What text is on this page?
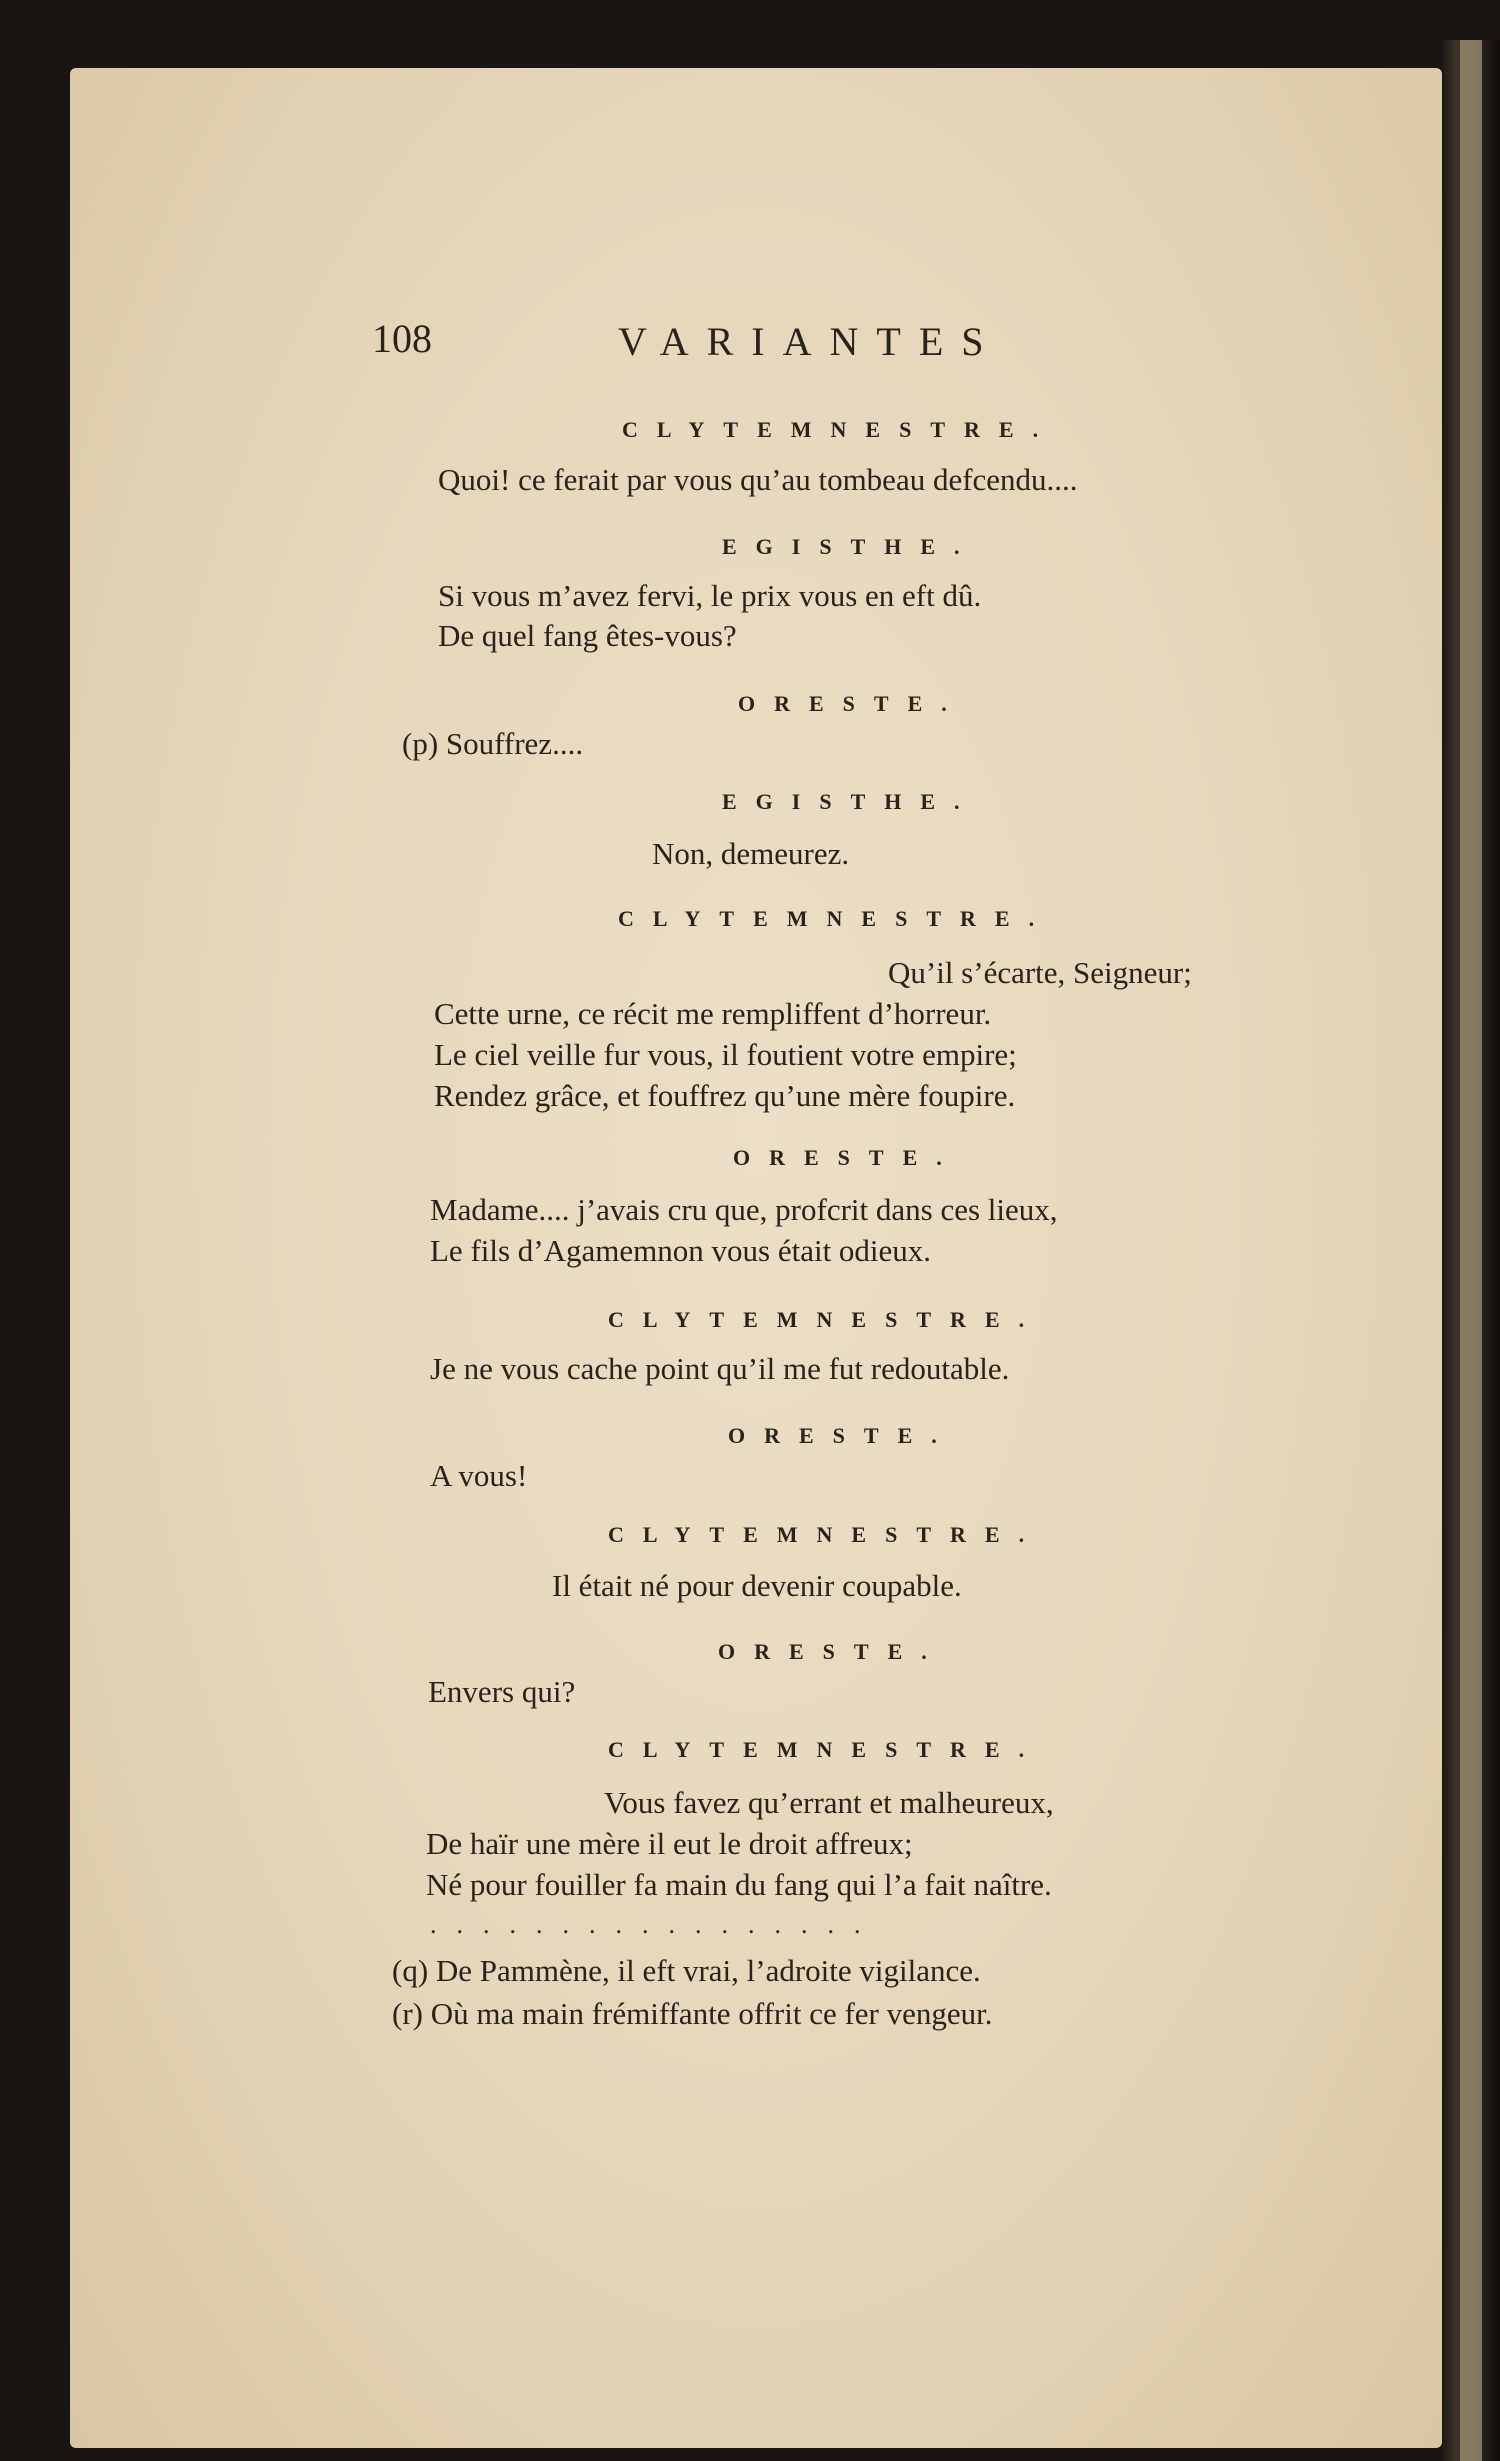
108	VARIANTES
CLYTEMNESTRE.
Quoi! ce ferait par vous qu’au tombeau defcendu....
EGISTHE.
Si vous m’avez fervi, le prix vous en eft dû.
De quel fang êtes-vous?
ORESTE.
(p) Souffrez....
EGISTHE.
Non, demeurez.
CLYTEMNESTRE.
Qu’il s’écarte, Seigneur;
Cette urne, ce récit me rempliffent d’horreur.
Le ciel veille fur vous, il foutient votre empire;
Rendez grâce, et fouffrez qu’une mère foupire.
ORESTE.
Madame.... j’avais cru que, profcrit dans ces lieux,
Le fils d’Agamemnon vous était odieux.
CLYTEMNESTRE.
Je ne vous cache point qu’il me fut redoutable.
ORESTE.
A vous!
CLYTEMNESTRE.
Il était né pour devenir coupable.
ORESTE.
Envers qui?
CLYTEMNESTRE.
Vous favez qu’errant et malheureux,
De haïr une mère il eut le droit affreux;
Né pour fouiller fa main du fang qui l’a fait naître.
.................
(q) De Pammène, il eft vrai, l’adroite vigilance.
(r) Où ma main frémiffante offrit ce fer vengeur.
